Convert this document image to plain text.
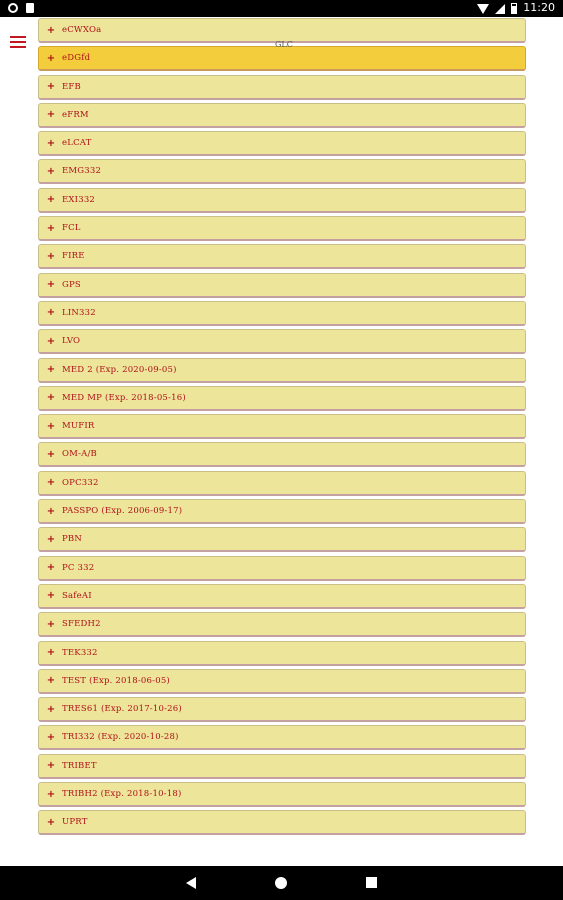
11:20
+ eCWXOa
+ eDGfd
+ EFB
+ eFRM
+ eLCAT
+ EMG332
+ EXI332
+ FCL
+ FIRE
+ GPS
+ LIN332
+ LVO
+ MED 2 (Exp. 2020-09-05)
+ MED MP (Exp. 2018-05-16)
+ MUFIR
+ OM-A/B
+ OPC332
+ PASSPO (Exp. 2006-09-17)
+ PBN
+ PC 332
+ SafeAI
+ SFEDH2
+ TEK332
+ TEST (Exp. 2018-06-05)
+ TRES61 (Exp. 2017-10-26)
+ TRI332 (Exp. 2020-10-28)
+ TRIBET
+ TRIBH2 (Exp. 2018-10-18)
+ UPRT
GLC
